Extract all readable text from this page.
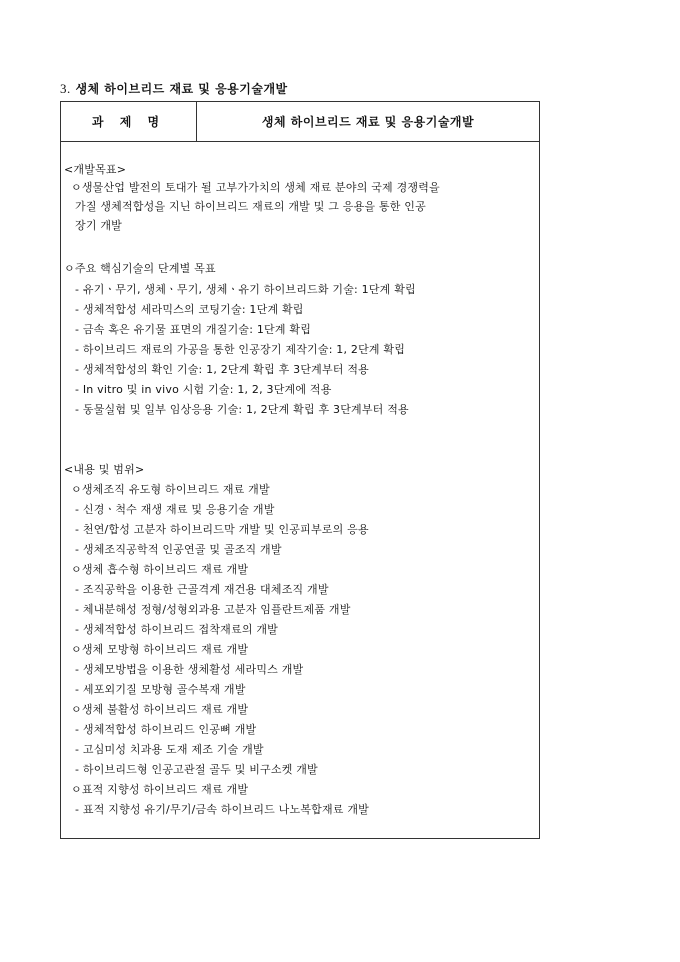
3. 생체 하이브리드 재료 및 응용기술개발
과 제 명	생체 하이브리드 재료 및 응용기술개발
<개발목표>
ㅇ생물산업 발전의 토대가 될 고부가가치의 생체 재료 분야의 국제 경쟁력을
가질 생체적합성을 지닌 하이브리드 재료의 개발 및 그 응용을 통한 인공
장기 개발
ㅇ주요 핵심기술의 단계별 목표
- 유기ㆍ무기, 생체ㆍ무기, 생체ㆍ유기 하이브리드화 기술: 1단계 확립
- 생체적합성 세라믹스의 코팅기술: 1단계 확립
- 금속 혹은 유기물 표면의 개질기술: 1단계 확립
- 하이브리드 재료의 가공을 통한 인공장기 제작기술: 1, 2단계 확립
- 생체적합성의 확인 기술: 1, 2단계 확립 후 3단계부터 적용
- In vitro 및 in vivo 시험 기술: 1, 2, 3단계에 적용
- 동물실험 및 일부 임상응용 기술: 1, 2단계 확립 후 3단계부터 적용
<내용 및 범위>
ㅇ생체조직 유도형 하이브리드 재료 개발
- 신경ㆍ척수 재생 재료 및 응용기술 개발
- 천연/합성 고분자 하이브리드막 개발 및 인공피부로의 응용
- 생체조직공학적 인공연골 및 골조직 개발
ㅇ생체 흡수형 하이브리드 재료 개발
- 조직공학을 이용한 근골격계 재건용 대체조직 개발
- 체내분해성 정형/성형외과용 고분자 임플란트제품 개발
- 생체적합성 하이브리드 접착재료의 개발
ㅇ생체 모방형 하이브리드 재료 개발
- 생체모방법을 이용한 생체활성 세라믹스 개발
- 세포외기질 모방형 골수복재 개발
ㅇ생체 불활성 하이브리드 재료 개발
- 생체적합성 하이브리드 인공뼈 개발
- 고심미성 치과용 도재 제조 기술 개발
- 하이브리드형 인공고관절 골두 및 비구소켓 개발
ㅇ표적 지향성 하이브리드 재료 개발
- 표적 지향성 유기/무기/금속 하이브리드 나노복합재료 개발
